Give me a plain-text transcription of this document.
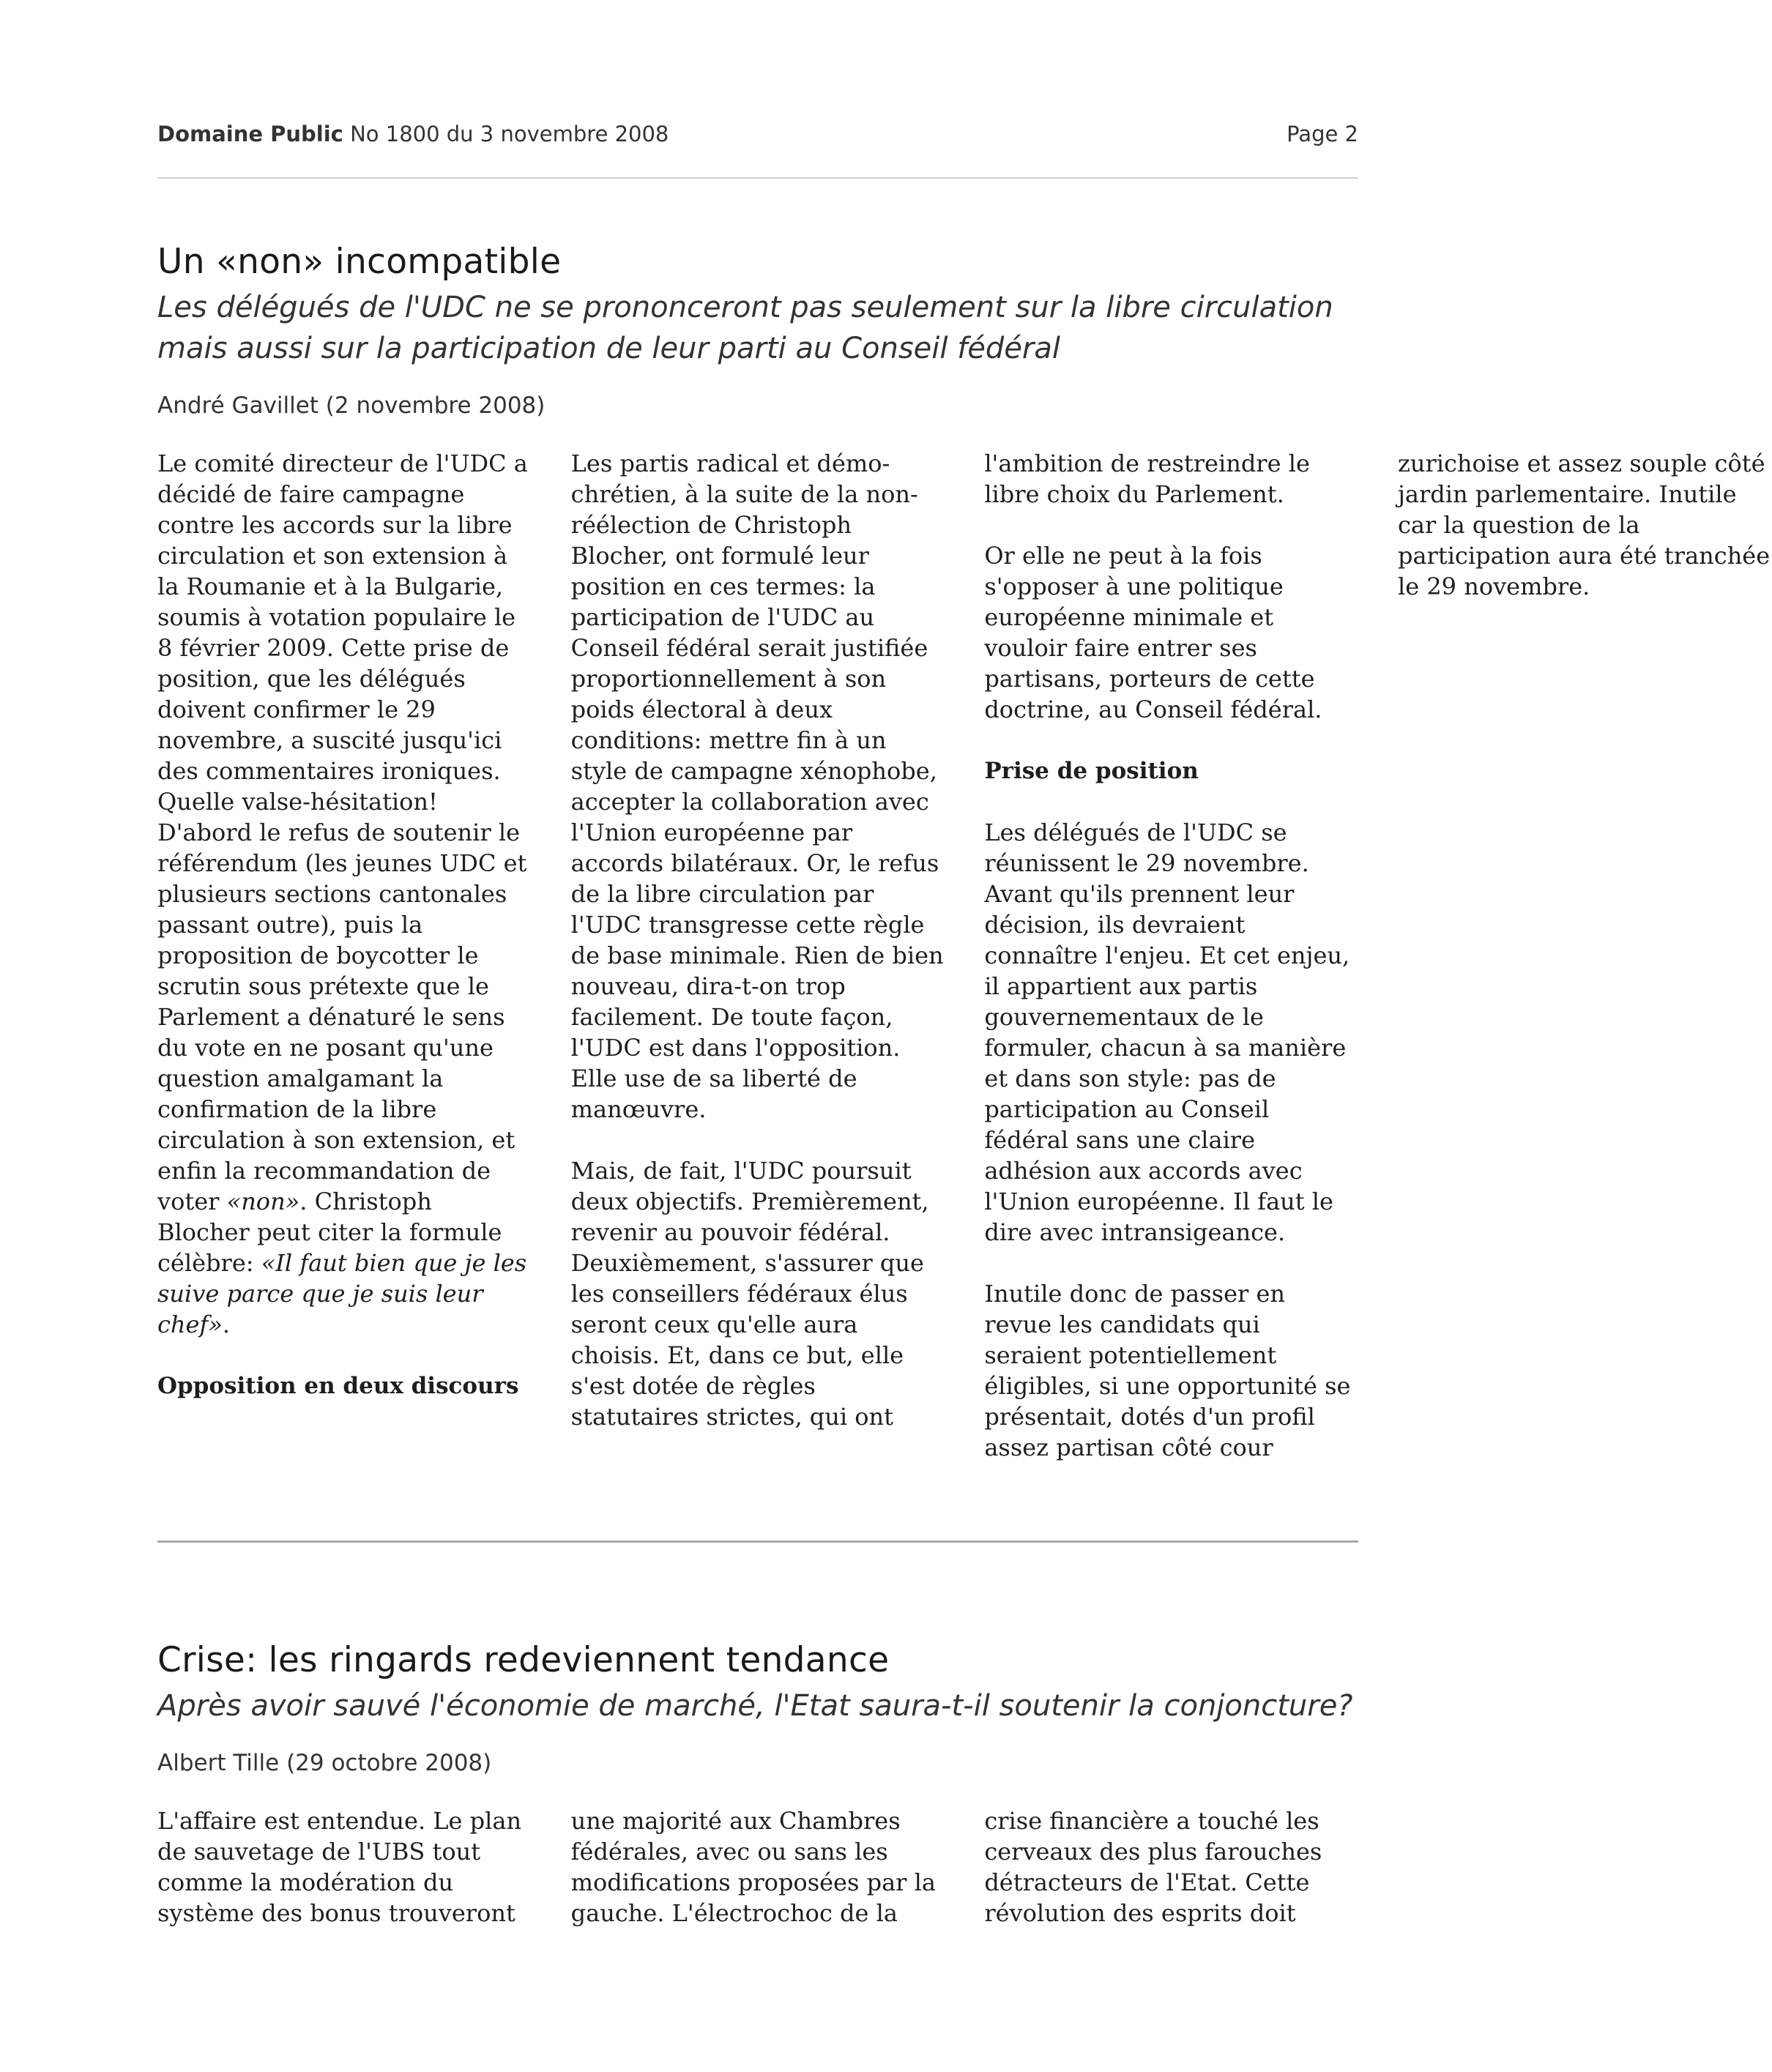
Domaine Public No 1800 du 3 novembre 2008	Page 2
Un «non» incompatible

Les délégués de l'UDC ne se prononceront pas seulement sur la libre circulation mais aussi sur la participation de leur parti au Conseil fédéral

André Gavillet (2 novembre 2008)

Le comité directeur de l'UDC a décidé de faire campagne contre les accords sur la libre circulation et son extension à la Roumanie et à la Bulgarie, soumis à votation populaire le 8 février 2009. Cette prise de position, que les délégués doivent confirmer le 29 novembre, a suscité jusqu'ici des commentaires ironiques. Quelle valse-hésitation! D'abord le refus de soutenir le référendum (les jeunes UDC et plusieurs sections cantonales passant outre), puis la proposition de boycotter le scrutin sous prétexte que le Parlement a dénaturé le sens du vote en ne posant qu'une question amalgamant la confirmation de la libre circulation à son extension, et enfin la recommandation de voter «non». Christoph Blocher peut citer la formule célèbre: «Il faut bien que je les suive parce que je suis leur chef».

Opposition en deux discours

Les partis radical et démo-chrétien, à la suite de la non-réélection de Christoph Blocher, ont formulé leur position en ces termes: la participation de l'UDC au Conseil fédéral serait justifiée proportionnellement à son poids électoral à deux conditions: mettre fin à un style de campagne xénophobe, accepter la collaboration avec l'Union européenne par accords bilatéraux. Or, le refus de la libre circulation par l'UDC transgresse cette règle de base minimale. Rien de bien nouveau, dira-t-on trop facilement. De toute façon, l'UDC est dans l'opposition. Elle use de sa liberté de manœuvre.

Mais, de fait, l'UDC poursuit deux objectifs. Premièrement, revenir au pouvoir fédéral. Deuxièmement, s'assurer que les conseillers fédéraux élus seront ceux qu'elle aura choisis. Et, dans ce but, elle s'est dotée de règles statutaires strictes, qui ont l'ambition de restreindre le libre choix du Parlement.

Or elle ne peut à la fois s'opposer à une politique européenne minimale et vouloir faire entrer ses partisans, porteurs de cette doctrine, au Conseil fédéral.

Prise de position

Les délégués de l'UDC se réunissent le 29 novembre. Avant qu'ils prennent leur décision, ils devraient connaître l'enjeu. Et cet enjeu, il appartient aux partis gouvernementaux de le formuler, chacun à sa manière et dans son style: pas de participation au Conseil fédéral sans une claire adhésion aux accords avec l'Union européenne. Il faut le dire avec intransigeance.

Inutile donc de passer en revue les candidats qui seraient potentiellement éligibles, si une opportunité se présentait, dotés d'un profil assez partisan côté cour zurichoise et assez souple côté jardin parlementaire. Inutile car la question de la participation aura été tranchée le 29 novembre.

Crise: les ringards redeviennent tendance

Après avoir sauvé l'économie de marché, l'Etat saura-t-il soutenir la conjoncture?

Albert Tille (29 octobre 2008)

L'affaire est entendue. Le plan de sauvetage de l'UBS tout comme la modération du système des bonus trouveront une majorité aux Chambres fédérales, avec ou sans les modifications proposées par la gauche. L'électrochoc de la crise financière a touché les cerveaux des plus farouches détracteurs de l'Etat. Cette révolution des esprits doit
